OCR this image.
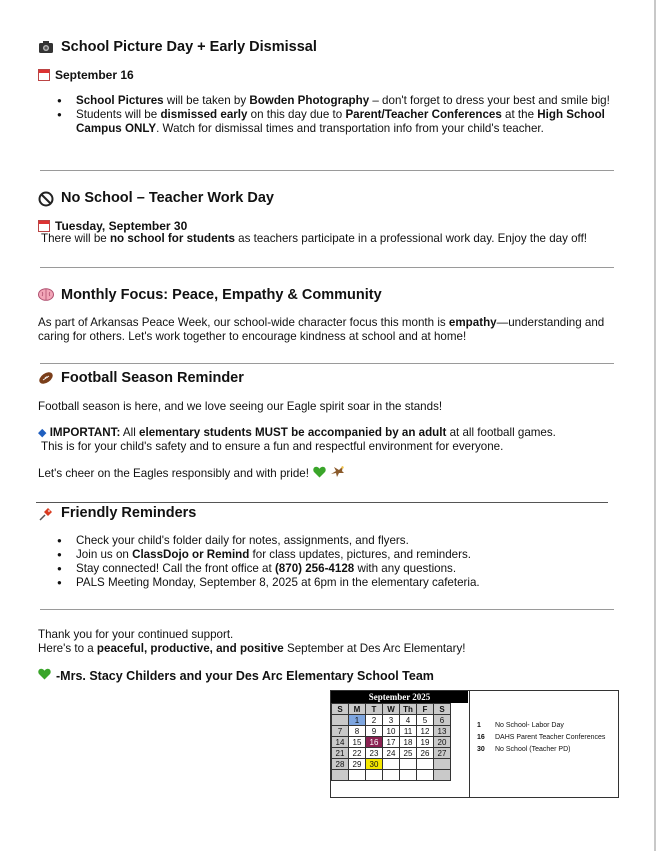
School Picture Day + Early Dismissal
September 16
● School Pictures will be taken by Bowden Photography – don't forget to dress your best and smile big!
● Students will be dismissed early on this day due to Parent/Teacher Conferences at the High School Campus ONLY. Watch for dismissal times and transportation info from your child's teacher.
No School – Teacher Work Day
Tuesday, September 30

There will be no school for students as teachers participate in a professional work day. Enjoy the day off!

Monthly Focus: Peace, Empathy & Community

As part of Arkansas Peace Week, our school-wide character focus this month is empathy—understanding and caring for others. Let's work together to encourage kindness at school and at home!

Football Season Reminder

Football season is here, and we love seeing our Eagle spirit soar in the stands!

◆ IMPORTANT: All elementary students MUST be accompanied by an adult at all football games.

This is for your child's safety and to ensure a fun and respectful environment for everyone.

Let's cheer on the Eagles responsibly and with pride!

Friendly Reminders
● Check your child's folder daily for notes, assignments, and flyers.
● Join us on ClassDojo or Remind for class updates, pictures, and reminders.
● Stay connected! Call the front office at (870) 256-4128 with any questions.
● PALS Meeting Monday, September 8, 2025 at 6pm in the elementary cafeteria.

Thank you for your continued support.

Here's to a peaceful, productive, and positive September at Des Arc Elementary!

-Mrs. Stacy Childers and your Des Arc Elementary School Team
September 2025
S	M	T	W	Th	F	S
	1	2	3	4	5	6
7	8	9	10	11	12	13
14	15	16	17	18	19	20
21	22	23	24	25	26	27
28	29	30				

1	No School- Labor Day
16	DAHS Parent Teacher Conferences
30	No School (Teacher PD)
